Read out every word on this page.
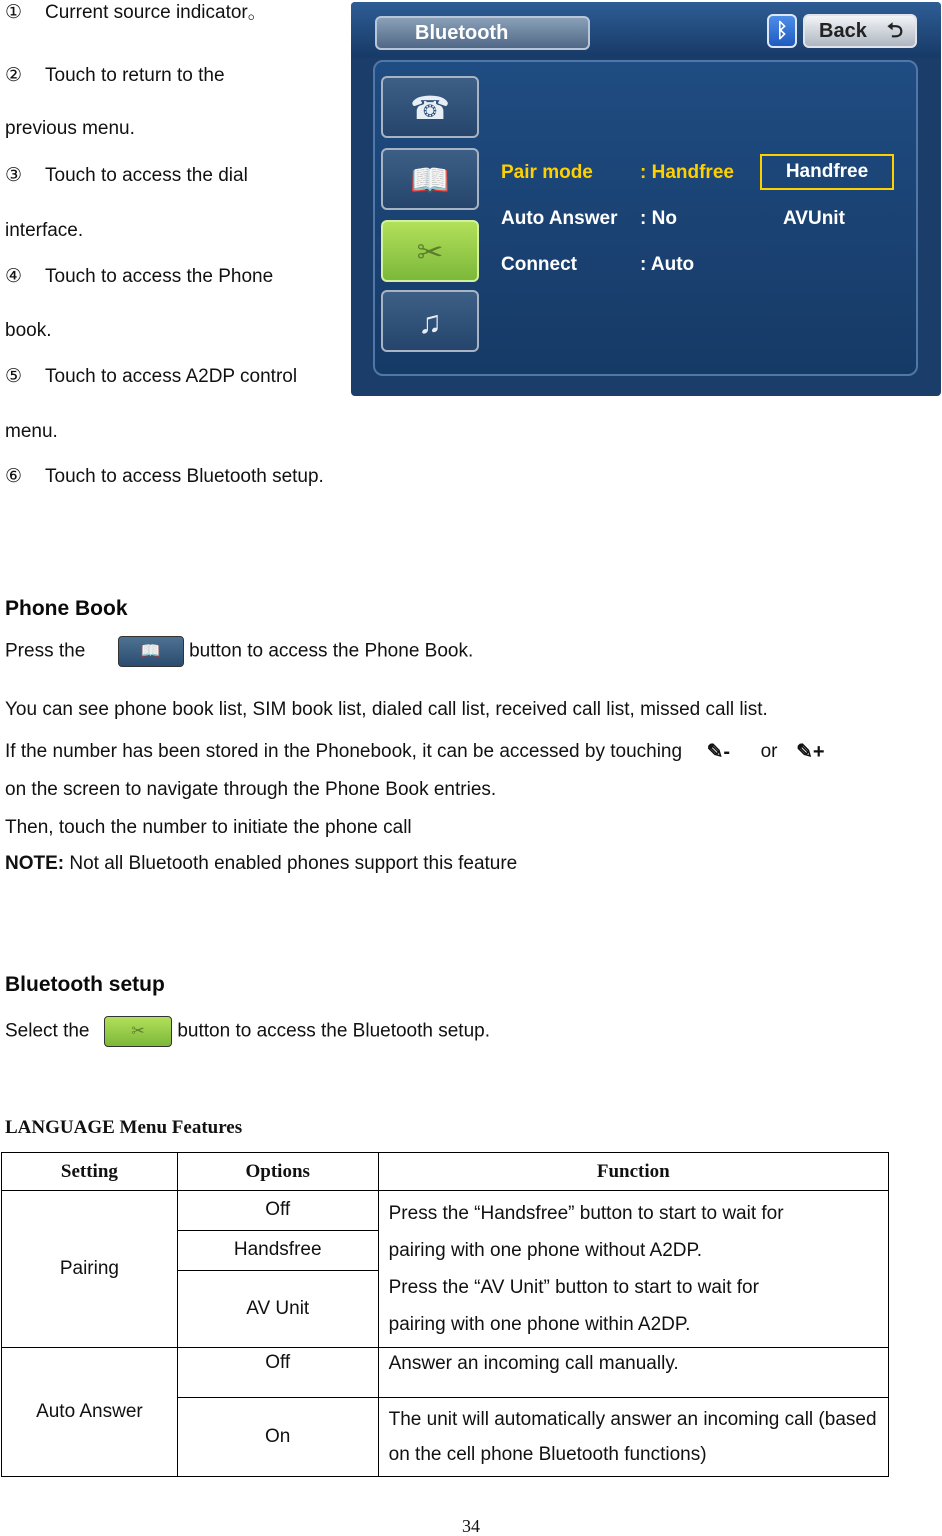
① Current source indicator。
② Touch to return to the
previous menu.
③ Touch to access the dial
interface.
④ Touch to access the Phone
book.
⑤ Touch to access A2DP control
menu.
⑥ Touch to access Bluetooth setup.
Bluetooth	ᛒ	Back ⮌
☎
📖
✂
♫
Pair mode : Handfree
Auto Answer : No
Connect	: Auto
Handfree
AVUnit
Phone Book
Press the	📖	button to access the Phone Book.
You can see phone book list, SIM book list, dialed call list, received call list, missed call list.
If the number has been stored in the Phonebook, it can be accessed by touching ✎- or ✎+
on the screen to navigate through the Phone Book entries.
Then, touch the number to initiate the phone call
NOTE: Not all Bluetooth enabled phones support this feature
Bluetooth setup
Select the	✂	button to access the Bluetooth setup.
LANGUAGE Menu Features
Setting	Options	Function
Pairing	Off	Press the “Handsfree” button to start to wait for
pairing with one phone without A2DP.
Press the “AV Unit” button to start to wait for
pairing with one phone within A2DP.

	Handsfree	
	AV Unit	
Auto Answer	Off	Answer an incoming call manually.
	On	The unit will automatically answer an incoming call (based on the cell phone Bluetooth functions)
34
